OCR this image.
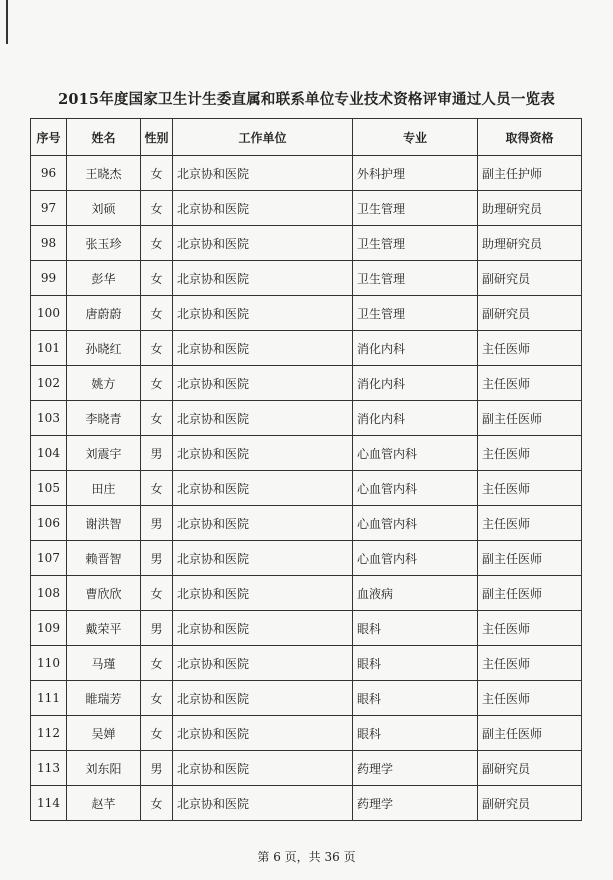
2015年度国家卫生计生委直属和联系单位专业技术资格评审通过人员一览表
序号	姓名	性别	工作单位	专业	取得资格
96	王晓杰	女	北京协和医院	外科护理	副主任护师
97	刘硕	女	北京协和医院	卫生管理	助理研究员
98	张玉珍	女	北京协和医院	卫生管理	助理研究员
99	彭华	女	北京协和医院	卫生管理	副研究员
100	唐蔚蔚	女	北京协和医院	卫生管理	副研究员
101	孙晓红	女	北京协和医院	消化内科	主任医师
102	姚方	女	北京协和医院	消化内科	主任医师
103	李晓青	女	北京协和医院	消化内科	副主任医师
104	刘震宇	男	北京协和医院	心血管内科	主任医师
105	田庄	女	北京协和医院	心血管内科	主任医师
106	谢洪智	男	北京协和医院	心血管内科	主任医师
107	赖晋智	男	北京协和医院	心血管内科	副主任医师
108	曹欣欣	女	北京协和医院	血液病	副主任医师
109	戴荣平	男	北京协和医院	眼科	主任医师
110	马瑾	女	北京协和医院	眼科	主任医师
111	睢瑞芳	女	北京协和医院	眼科	主任医师
112	吴婵	女	北京协和医院	眼科	副主任医师
113	刘东阳	男	北京协和医院	药理学	副研究员
114	赵芊	女	北京协和医院	药理学	副研究员
第 6 页，共 36 页
